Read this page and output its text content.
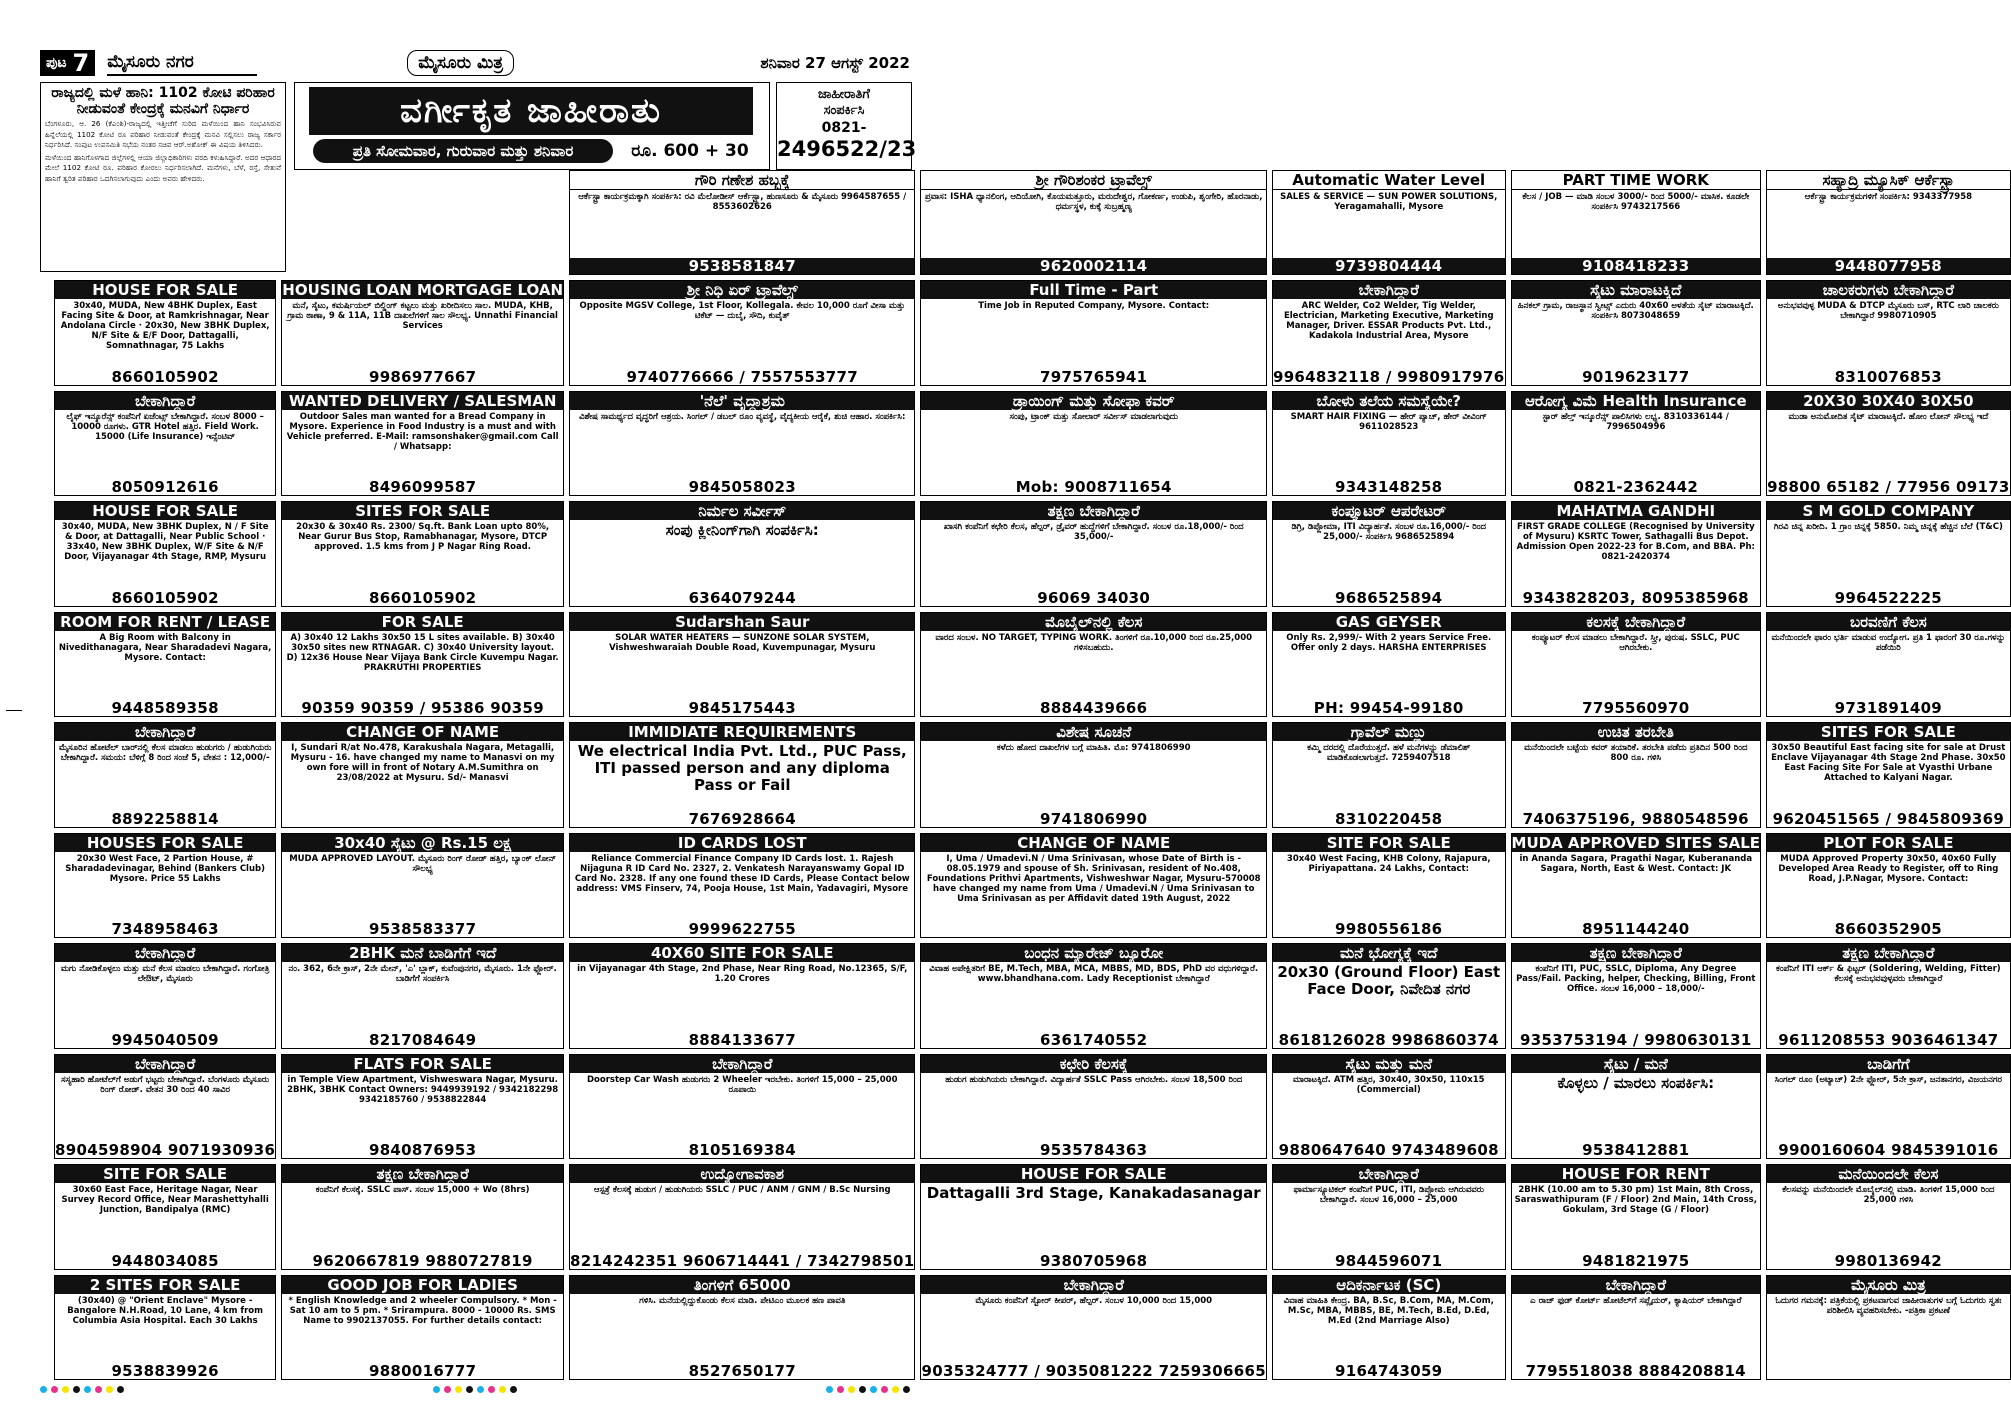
ಪುಟ 7 ಮೈಸೂರು ನಗರ	ಮೈಸೂರು ಮಿತ್ರ	ಶನಿವಾರ 27 ಆಗಸ್ಟ್ 2022
ರಾಜ್ಯದಲ್ಲಿ ಮಳೆ ಹಾನಿ: 1102 ಕೋಟಿ ಪರಿಹಾರ ನೀಡುವಂತೆ ಕೇಂದ್ರಕ್ಕೆ ಮನವಿಗೆ ನಿರ್ಧಾರ

ಬೆಂಗಳೂರು, ಆ. 26 (ಕೆಎಂಶಿ)-ರಾಜ್ಯದಲ್ಲಿ ಇತ್ತೀಚೆಗೆ ಸುರಿದ ಮಳೆಯಿಂದ ಹಾನಿ ಸಂಭವಿಸಿರುವ ಹಿನ್ನೆಲೆಯಲ್ಲಿ 1102 ಕೋಟಿ ರೂ ಪರಿಹಾರ ನೀಡುವಂತೆ ಕೇಂದ್ರಕ್ಕೆ ಮನವಿ ಸಲ್ಲಿಸಲು ರಾಜ್ಯ ಸರ್ಕಾರ ನಿರ್ಧರಿಸಿದೆ. ಸಂಪುಟ ಉಪಸಮಿತಿ ಸಭೆಯ ನಂತರ ಸಚಿವ ಆರ್.ಅಶೋಕ್ ಈ ವಿಷಯ ತಿಳಿಸಿದರು.

ಮಳೆಯಿಂದ ಹಾನಿಗೊಳಗಾದ ಜಿಲ್ಲೆಗಳಲ್ಲಿ ಆಯಾ ಜಿಲ್ಲಾಧಿಕಾರಿಗಳು ವರದಿ ಕಳುಹಿಸಿದ್ದಾರೆ. ಅದರ ಆಧಾರದ ಮೇಲೆ 1102 ಕೋಟಿ ರೂ. ಪರಿಹಾರ ಕೋರಲು ನಿರ್ಧರಿಸಲಾಗಿದೆ. ಮನೆಗಳು, ಬೆಳೆ, ರಸ್ತೆ, ಸೇತುವೆ ಹಾನಿಗೆ ತ್ವರಿತ ಪರಿಹಾರ ಒದಗಿಸಲಾಗುವುದು ಎಂದು ಅವರು ಹೇಳಿದರು.

ವರ್ಗೀಕೃತ ಜಾಹೀರಾತು
ಪ್ರತಿ ಸೋಮವಾರ, ಗುರುವಾರ ಮತ್ತು ಶನಿವಾರ	ರೂ. 600 + 30
ಜಾಹೀರಾತಿಗೆ
ಸಂಪರ್ಕಿಸಿ
0821-
2496522/23
ಗೌರಿ ಗಣೇಶ ಹಬ್ಬಕ್ಕೆ
ಆರ್ಕೆಸ್ಟ್ರಾ ಕಾರ್ಯಕ್ರಮಕ್ಕಾಗಿ ಸಂಪರ್ಕಿಸಿ: ರವಿ ಮೆಲೋಡೀಸ್ ಆರ್ಕೆಸ್ಟ್ರಾ, ಹುಣಸೂರು & ಮೈಸೂರು 9964587655 / 8553602626
9538581847
ಶ್ರೀ ಗೌರಿಶಂಕರ ಟ್ರಾವೆಲ್ಸ್
ಪ್ರವಾಸ: ISHA ಧ್ಯಾನಲಿಂಗ, ಆದಿಯೋಗಿ, ಕೊಯಮತ್ತೂರು, ಮರುದೇಶ್ವರ, ಗೋಕರ್ಣ, ಉಡುಪಿ, ಶೃಂಗೇರಿ, ಹೊರನಾಡು, ಧರ್ಮಸ್ಥಳ, ಕುಕ್ಕೆ ಸುಬ್ರಹ್ಮಣ್ಯ
9620002114
Automatic Water Level
SALES & SERVICE — SUN POWER SOLUTIONS, Yeragamahalli, Mysore
9739804444
PART TIME WORK
ಕೆಲಸ / JOB — ಮಾಡಿ ಸಂಬಳ 3000/- ರಿಂದ 5000/- ಮಾಸಿಕ. ಕೂಡಲೇ ಸಂಪರ್ಕಿಸಿ 9743217566
9108418233
ಸಹ್ಯಾದ್ರಿ ಮ್ಯೂಸಿಕ್ ಆರ್ಕೆಸ್ಟ್ರಾ
ಆರ್ಕೆಸ್ಟ್ರಾ ಕಾರ್ಯಕ್ರಮಗಳಿಗೆ ಸಂಪರ್ಕಿಸಿ: 9343377958
9448077958
HOUSE FOR SALE
30x40, MUDA, New 4BHK Duplex, East Facing Site & Door, at Ramkrishnagar, Near Andolana Circle · 20x30, New 3BHK Duplex, N/F Site & E/F Door, Dattagalli, Somnathnagar, 75 Lakhs
8660105902
HOUSING LOAN MORTGAGE LOAN
ಮನೆ, ಸೈಟು, ಕಮರ್ಷಿಯಲ್ ಬಿಲ್ಡಿಂಗ್ ಕಟ್ಟಲು ಮತ್ತು ಖರೀದಿಸಲು ಸಾಲ. MUDA, KHB, ಗ್ರಾಮ ಠಾಣಾ, 9 & 11A, 11B ದಾಖಲೆಗಳಿಗೆ ಸಾಲ ಸೌಲಭ್ಯ. Unnathi Financial Services
9986977667
ಶ್ರೀ ನಿಧಿ ಏರ್ ಟ್ರಾವೆಲ್ಸ್
Opposite MGSV College, 1st Floor, Kollegala. ಕೇವಲ 10,000 ರೂಗೆ ವೀಸಾ ಮತ್ತು ಟಿಕೆಟ್ — ದುಬೈ, ಸೌದಿ, ಕುವೈತ್
9740776666 / 7557553777
Full Time - Part
Time Job in Reputed Company, Mysore. Contact:
7975765941
ಬೇಕಾಗಿದ್ದಾರೆ
ARC Welder, Co2 Welder, Tig Welder, Electrician, Marketing Executive, Marketing Manager, Driver. ESSAR Products Pvt. Ltd., Kadakola Industrial Area, Mysore
9964832118 / 9980917976
ಸೈಟು ಮಾರಾಟಕ್ಕಿದೆ
ಹಿನಕಲ್ ಗ್ರಾಮ, ರಾಜಸ್ಥಾನ ಸ್ವೀಟ್ಸ್ ಎದುರು 40x60 ಅಳತೆಯ ಸೈಟ್ ಮಾರಾಟಕ್ಕಿದೆ. ಸಂಪರ್ಕಿಸಿ 8073048659
9019623177
ಚಾಲಕರುಗಳು ಬೇಕಾಗಿದ್ದಾರೆ
ಅನುಭವವುಳ್ಳ MUDA & DTCP ಮೈಸೂರು ಬಸ್, RTC ಲಾರಿ ಚಾಲಕರು ಬೇಕಾಗಿದ್ದಾರೆ 9980710905
8310076853
ಬೇಕಾಗಿದ್ದಾರೆ
ಲೈಫ್ ಇನ್ಶೂರೆನ್ಸ್ ಕಂಪೆನಿಗೆ ಏಜೆಂಟ್ಸ್ ಬೇಕಾಗಿದ್ದಾರೆ. ಸಂಬಳ 8000 – 10000 ರೂಗಳು. GTR Hotel ಹತ್ತಿರ. Field Work. 15000 (Life Insurance) ಇನ್ಸೆಂಟಿವ್
8050912616
WANTED DELIVERY / SALESMAN
Outdoor Sales man wanted for a Bread Company in Mysore. Experience in Food Industry is a must and with Vehicle preferred. E-Mail: ramsonshaker@gmail.com Call / Whatsapp:
8496099587
'ನೆಲೆ' ವೃದ್ಧಾಶ್ರಮ
ವಿಶೇಷ ಸಾಮರ್ಥ್ಯದ ವೃದ್ಧರಿಗೆ ಆಶ್ರಯ. ಸಿಂಗಲ್ / ಡಬಲ್ ರೂಂ ವ್ಯವಸ್ಥೆ, ವೈದ್ಯಕೀಯ ಆರೈಕೆ, ಶುಚಿ ಆಹಾರ. ಸಂಪರ್ಕಿಸಿ:
9845058023
ಡ್ರಾಯಿಂಗ್ ಮತ್ತು ಸೋಫಾ ಕವರ್
ಸಂಪು, ಟ್ರಾಂಕ್ ಮತ್ತು ಸೋಲಾರ್ ಸರ್ವೀಸ್ ಮಾಡಲಾಗುವುದು
Mob: 9008711654
ಬೋಳು ತಲೆಯ ಸಮಸ್ಯೆಯೇ?
SMART HAIR FIXING — ಹೇರ್ ಪ್ಯಾಚ್, ಹೇರ್ ವೀವಿಂಗ್ 9611028523
9343148258
ಆರೋಗ್ಯ ವಿಮೆ Health Insurance
ಸ್ಟಾರ್ ಹೆಲ್ತ್ ಇನ್ಶೂರೆನ್ಸ್ ಪಾಲಿಸಿಗಳು ಲಭ್ಯ. 8310336144 / 7996504996
0821-2362442
20X30 30X40 30X50
ಮುಡಾ ಅನುಮೋದಿತ ಸೈಟ್ ಮಾರಾಟಕ್ಕಿದೆ. ಹೋಂ ಲೋನ್ ಸೌಲಭ್ಯ ಇದೆ
98800 65182 / 77956 09173
HOUSE FOR SALE
30x40, MUDA, New 3BHK Duplex, N / F Site & Door, at Dattagalli, Near Public School · 33x40, New 3BHK Duplex, W/F Site & N/F Door, Vijayanagar 4th Stage, RMP, Mysuru
8660105902
SITES FOR SALE
20x30 & 30x40 Rs. 2300/ Sq.ft. Bank Loan upto 80%, Near Gurur Bus Stop, Ramabhanagar, Mysore, DTCP approved. 1.5 kms from J P Nagar Ring Road.
8660105902
ನಿರ್ಮಲ ಸರ್ವೀಸ್
ಸಂಪು ಕ್ಲೀನಿಂಗ್‌ಗಾಗಿ ಸಂಪರ್ಕಿಸಿ:
6364079244
ತಕ್ಷಣ ಬೇಕಾಗಿದ್ದಾರೆ
ಖಾಸಗಿ ಕಂಪೆನಿಗೆ ಕಛೇರಿ ಕೆಲಸ, ಹೆಲ್ಪರ್, ಡ್ರೈವರ್ ಹುದ್ದೆಗಳಿಗೆ ಬೇಕಾಗಿದ್ದಾರೆ. ಸಂಬಳ ರೂ.18,000/- ರಿಂದ 35,000/-
96069 34030
ಕಂಪ್ಯೂಟರ್ ಆಪರೇಟರ್
ಡಿಗ್ರಿ, ಡಿಪ್ಲೋಮಾ, ITI ವಿದ್ಯಾರ್ಹತೆ. ಸಂಬಳ ರೂ.16,000/- ರಿಂದ 25,000/- ಸಂಪರ್ಕಿಸಿ 9686525894
9686525894
MAHATMA GANDHI
FIRST GRADE COLLEGE (Recognised by University of Mysuru) KSRTC Tower, Sathagalli Bus Depot. Admission Open 2022-23 for B.Com, and BBA. Ph: 0821-2420374
9343828203, 8095385968
S M GOLD COMPANY
ಗಿರವಿ ಚಿನ್ನ ಖರೀದಿ. 1 ಗ್ರಾಂ ಚಿನ್ನಕ್ಕೆ 5850. ನಿಮ್ಮ ಚಿನ್ನಕ್ಕೆ ಹೆಚ್ಚಿನ ಬೆಲೆ (T&C)
9964522225
ROOM FOR RENT / LEASE
A Big Room with Balcony in Nivedithanagara, Near Sharadadevi Nagara, Mysore. Contact:
9448589358
FOR SALE
A) 30x40 12 Lakhs 30x50 15 L sites available. B) 30x40 30x50 sites new RTNAGAR. C) 30x40 University layout. D) 12x36 House Near Vijaya Bank Circle Kuvempu Nagar. PRAKRUTHI PROPERTIES
90359 90359 / 95386 90359
Sudarshan Saur
SOLAR WATER HEATERS — SUNZONE SOLAR SYSTEM, Vishweshwaraiah Double Road, Kuvempunagar, Mysuru
9845175443
ಮೊಬೈಲ್‌ನಲ್ಲಿ ಕೆಲಸ
ವಾರದ ಸಂಬಳ. NO TARGET, TYPING WORK. ತಿಂಗಳಿಗೆ ರೂ.10,000 ರಿಂದ ರೂ.25,000 ಗಳಿಸಬಹುದು.
8884439666
GAS GEYSER
Only Rs. 2,999/- With 2 years Service Free. Offer only 2 days. HARSHA ENTERPRISES
PH: 99454-99180
ಕಲಸಕ್ಕೆ ಬೇಕಾಗಿದ್ದಾರೆ
ಕಂಪ್ಯೂಟರ್ ಕೆಲಸ ಮಾಡಲು ಬೇಕಾಗಿದ್ದಾರೆ. ಸ್ತ್ರೀ, ಪುರುಷ. SSLC, PUC ಆಗಿರಬೇಕು.
7795560970
ಬರವಣಿಗೆ ಕೆಲಸ
ಮನೆಯಿಂದಲೇ ಫಾರಂ ಭರ್ತಿ ಮಾಡುವ ಉದ್ಯೋಗ. ಪ್ರತಿ 1 ಫಾರಂಗೆ 30 ರೂ.ಗಳನ್ನು ಪಡೆಯಿರಿ
9731891409
ಬೇಕಾಗಿದ್ದಾರೆ
ಮೈಸೂರಿನ ಹೋಟೆಲ್ ಬಾರ್‌ನಲ್ಲಿ ಕೆಲಸ ಮಾಡಲು ಹುಡುಗರು / ಹುಡುಗಿಯರು ಬೇಕಾಗಿದ್ದಾರೆ. ಸಮಯ: ಬೆಳಿಗ್ಗೆ 8 ರಿಂದ ಸಂಜೆ 5, ವೇತನ : 12,000/-
8892258814
CHANGE OF NAME
I, Sundari R/at No.478, Karakushala Nagara, Metagalli, Mysuru - 16. have changed my name to Manasvi on my own fore will in front of Notary A.M.Sumithra on 23/08/2022 at Mysuru. Sd/- Manasvi
IMMIDIATE REQUIREMENTS
We electrical India Pvt. Ltd., PUC Pass, ITI passed person and any diploma Pass or Fail
7676928664
ವಿಶೇಷ ಸೂಚನೆ
ಕಳೆದು ಹೋದ ದಾಖಲೆಗಳ ಬಗ್ಗೆ ಮಾಹಿತಿ. ಮೊ: 9741806990
9741806990
ಗ್ರಾವೆಲ್ ಮಣ್ಣು
ಕಮ್ಮಿ ದರದಲ್ಲಿ ದೊರೆಯುತ್ತದೆ. ಹಳೆ ಮನೆಗಳನ್ನು ಡೆಮಾಲಿಶ್ ಮಾಡಿಕೊಡಲಾಗುತ್ತದೆ. 7259407518
8310220458
ಉಚಿತ ತರಬೇತಿ
ಮನೆಯಿಂದಲೇ ಬಟ್ಟೆಯ ಕವರ್ ತಯಾರಿಕೆ. ತರಬೇತಿ ಪಡೆದು ಪ್ರತಿದಿನ 500 ರಿಂದ 800 ರೂ. ಗಳಿಸಿ
7406375196, 9880548596
SITES FOR SALE
30x50 Beautiful East facing site for sale at Drust Enclave Vijayanagar 4th Stage 2nd Phase. 30x50 East Facing Site For Sale at Vyasthi Urbane Attached to Kalyani Nagar.
9620451565 / 9845809369
HOUSES FOR SALE
20x30 West Face, 2 Partion House, # Sharadadevinagar, Behind (Bankers Club) Mysore. Price 55 Lakhs
7348958463
30x40 ಸೈಟು @ Rs.15 ಲಕ್ಷ
MUDA APPROVED LAYOUT. ಮೈಸೂರು ರಿಂಗ್ ರೋಡ್ ಹತ್ತಿರ, ಬ್ಯಾಂಕ್ ಲೋನ್ ಸೌಲಭ್ಯ
9538583377
ID CARDS LOST
Reliance Commercial Finance Company ID Cards lost. 1. Rajesh Nijaguna R ID Card No. 2327, 2. Venkatesh Narayanswamy Gopal ID Card No. 2328. If any one found these ID Cards, Please Contact below address: VMS Finserv, 74, Pooja House, 1st Main, Yadavagiri, Mysore
9999622755
CHANGE OF NAME
I, Uma / Umadevi.N / Uma Srinivasan, whose Date of Birth is - 08.05.1979 and spouse of Sh. Srinivasan, resident of No.408, Foundations Prithvi Apartments, Vishweshwar Nagar, Mysuru-570008 have changed my name from Uma / Umadevi.N / Uma Srinivasan to Uma Srinivasan as per Affidavit dated 19th August, 2022
SITE FOR SALE
30x40 West Facing, KHB Colony, Rajapura, Piriyapattana. 24 Lakhs, Contact:
9980556186
MUDA APPROVED SITES SALE
in Ananda Sagara, Pragathi Nagar, Kuberananda Sagara, North, East & West. Contact: JK
8951144240
PLOT FOR SALE
MUDA Approved Property 30x50, 40x60 Fully Developed Area Ready to Register, off to Ring Road, J.P.Nagar, Mysore. Contact:
8660352905
ಬೇಕಾಗಿದ್ದಾರೆ
ಮಗು ನೋಡಿಕೊಳ್ಳಲು ಮತ್ತು ಮನೆ ಕೆಲಸ ಮಾಡಲು ಬೇಕಾಗಿದ್ದಾರೆ. ಗಂಗೋತ್ರಿ ಲೇಔಟ್, ಮೈಸೂರು
9945040509
2BHK ಮನೆ ಬಾಡಿಗೆಗೆ ಇದೆ
ನಂ. 362, 6ನೇ ಕ್ರಾಸ್, 2ನೇ ಮೇನ್, 'ಎ' ಬ್ಲಾಕ್, ಕುವೆಂಪುನಗರ, ಮೈಸೂರು. 1ನೇ ಫ್ಲೋರ್. ಬಾಡಿಗೆಗೆ ಸಂಪರ್ಕಿಸಿ
8217084649
40X60 SITE FOR SALE
in Vijayanagar 4th Stage, 2nd Phase, Near Ring Road, No.12365, S/F, 1.20 Crores
8884133677
ಬಂಧನ ಮ್ಯಾರೇಜ್ ಬ್ಯೂರೋ
ವಿವಾಹ ಅಪೇಕ್ಷಿತರಿಗೆ BE, M.Tech, MBA, MCA, MBBS, MD, BDS, PhD ವರ ವಧುಗಳಿದ್ದಾರೆ. www.bhandhana.com. Lady Receptionist ಬೇಕಾಗಿದ್ದಾರೆ
6361740552
ಮನೆ ಭೋಗ್ಯಕ್ಕೆ ಇದೆ
20x30 (Ground Floor) East Face Door, ನಿವೇದಿತ ನಗರ
8618126028 9986860374
ತಕ್ಷಣ ಬೇಕಾಗಿದ್ದಾರೆ
ಕಂಪೆನಿಗೆ ITI, PUC, SSLC, Diploma, Any Degree Pass/Fail. Packing, helper, Checking, Billing, Front Office. ಸಂಬಳ 16,000 – 18,000/-
9353753194 / 9980630131
ತಕ್ಷಣ ಬೇಕಾಗಿದ್ದಾರೆ
ಕಂಪೆನಿಗೆ ITI ಆರ್ಕ್ & ಫಿಟ್ಟರ್ (Soldering, Welding, Fitter) ಕೆಲಸಕ್ಕೆ ಅನುಭವವುಳ್ಳವರು ಬೇಕಾಗಿದ್ದಾರೆ
9611208553 9036461347
ಬೇಕಾಗಿದ್ದಾರೆ
ಸಸ್ಯಹಾರಿ ಹೋಟೆಲ್‌ಗೆ ಅಡುಗೆ ಭಟ್ಟರು ಬೇಕಾಗಿದ್ದಾರೆ. ಬೆಂಗಳೂರು ಮೈಸೂರು ರಿಂಗ್ ರೋಡ್. ವೇತನ 30 ರಿಂದ 40 ಸಾವಿರ
8904598904 9071930936
FLATS FOR SALE
in Temple View Apartment, Vishweswara Nagar, Mysuru. 2BHK, 3BHK Contact Owners: 9449939192 / 9342182298 9342185760 / 9538822844
9840876953
ಬೇಕಾಗಿದ್ದಾರೆ
Doorstep Car Wash ಹುಡುಗರು 2 Wheeler ಇರಬೇಕು. ತಿಂಗಳಿಗೆ 15,000 – 25,000 ರೂಪಾಯಿ
8105169384
ಕಛೇರಿ ಕೆಲಸಕ್ಕೆ
ಹುಡುಗ ಹುಡುಗಿಯರು ಬೇಕಾಗಿದ್ದಾರೆ. ವಿದ್ಯಾರ್ಹತೆ SSLC Pass ಆಗಿರಬೇಕು. ಸಂಬಳ 18,500 ರಿಂದ
9535784363
ಸೈಟು ಮತ್ತು ಮನೆ
ಮಾರಾಟಕ್ಕಿದೆ. ATM ಹತ್ತಿರ, 30x40, 30x50, 110x15 (Commercial)
9880647640 9743489608
ಸೈಟು / ಮನೆ
ಕೊಳ್ಳಲು / ಮಾರಲು ಸಂಪರ್ಕಿಸಿ:
9538412881
ಬಾಡಿಗೆಗೆ
ಸಿಂಗಲ್ ರೂಂ (ಅಟ್ಯಾಚ್) 2ನೇ ಫ್ಲೋರ್, 5ನೇ ಕ್ರಾಸ್, ಜನತಾನಗರ, ವಿಜಯನಗರ
9900160604 9845391016
SITE FOR SALE
30x60 East Face, Heritage Nagar, Near Survey Record Office, Near Marashettyhalli Junction, Bandipalya (RMC)
9448034085
ತಕ್ಷಣ ಬೇಕಾಗಿದ್ದಾರೆ
ಕಂಪೆನಿಗೆ ಕೆಲಸಕ್ಕೆ. SSLC ಪಾಸ್. ಸಂಬಳ 15,000 + Wo (8hrs)
9620667819 9880727819
ಉದ್ಯೋಗಾವಕಾಶ
ಆಸ್ಪತ್ರೆ ಕೆಲಸಕ್ಕೆ ಹುಡುಗ / ಹುಡುಗಿಯರು SSLC / PUC / ANM / GNM / B.Sc Nursing
8214242351 9606714441 / 7342798501
HOUSE FOR SALE
Dattagalli 3rd Stage, Kanakadasanagar
9380705968
ಬೇಕಾಗಿದ್ದಾರೆ
ಫಾರ್ಮಾಸ್ಯೂಟಿಕಲ್ ಕಂಪೆನಿಗೆ PUC, ITI, ಡಿಪ್ಲೋಮ ಆಗಿರುವವರು ಬೇಕಾಗಿದ್ದಾರೆ. ಸಂಬಳ 16,000 – 25,000
9844596071
HOUSE FOR RENT
2BHK (10.00 am to 5.30 pm) 1st Main, 8th Cross, Saraswathipuram (F / Floor) 2nd Main, 14th Cross, Gokulam, 3rd Stage (G / Floor)
9481821975
ಮನೆಯಿಂದಲೇ ಕೆಲಸ
ಕೆಲಸವನ್ನು ಮನೆಯಿಂದಲೇ ಮೊಬೈಲ್‌ನಲ್ಲಿ ಮಾಡಿ. ತಿಂಗಳಿಗೆ 15,000 ರಿಂದ 25,000 ಗಳಿಸಿ
9980136942
2 SITES FOR SALE
(30x40) @ "Orient Enclave" Mysore - Bangalore N.H.Road, 10 Lane, 4 km from Columbia Asia Hospital. Each 30 Lakhs
9538839926
GOOD JOB FOR LADIES
* English Knowledge and 2 wheeler Compulsory. * Mon - Sat 10 am to 5 pm. * Srirampura. 8000 - 10000 Rs. SMS Name to 9902137055. For further details contact:
9880016777
ತಿಂಗಳಿಗೆ 65000
ಗಳಿಸಿ. ಮನೆಯಲ್ಲಿದ್ದುಕೊಂಡು ಕೆಲಸ ಮಾಡಿ. ಪೇಟಿಎಂ ಮೂಲಕ ಹಣ ಪಾವತಿ
8527650177
ಬೇಕಾಗಿದ್ದಾರೆ
ಮೈಸೂರು ಕಂಪೆನಿಗೆ ಸ್ಟೋರ್ ಕೀಪರ್, ಹೆಲ್ಪರ್. ಸಂಬಳ 10,000 ರಿಂದ 15,000
9035324777 / 9035081222 7259306665
ಆದಿಕರ್ನಾಟಕ (SC)
ವಿವಾಹ ಮಾಹಿತಿ ಕೇಂದ್ರ. BA, B.Sc, B.Com, MA, M.Com, M.Sc, MBA, MBBS, BE, M.Tech, B.Ed, D.Ed, M.Ed (2nd Marriage Also)
9164743059
ಬೇಕಾಗಿದ್ದಾರೆ
ಎ ರಾಜ್ ಫುಡ್ ಕೋರ್ಟ್ ಹೋಟೆಲ್‌ಗೆ ಸಪ್ಲೈಯರ್, ಕ್ಯಾಷಿಯರ್ ಬೇಕಾಗಿದ್ದಾರೆ
7795518038 8884208814
ಮೈಸೂರು ಮಿತ್ರ
ಓದುಗರ ಗಮನಕ್ಕೆ: ಪತ್ರಿಕೆಯಲ್ಲಿ ಪ್ರಕಟವಾಗುವ ಜಾಹೀರಾತುಗಳ ಬಗ್ಗೆ ಓದುಗರು ಸ್ವತಃ ಪರಿಶೀಲಿಸಿ ವ್ಯವಹರಿಸಬೇಕು. -ಪತ್ರಿಕಾ ಪ್ರಕಟಣೆ
